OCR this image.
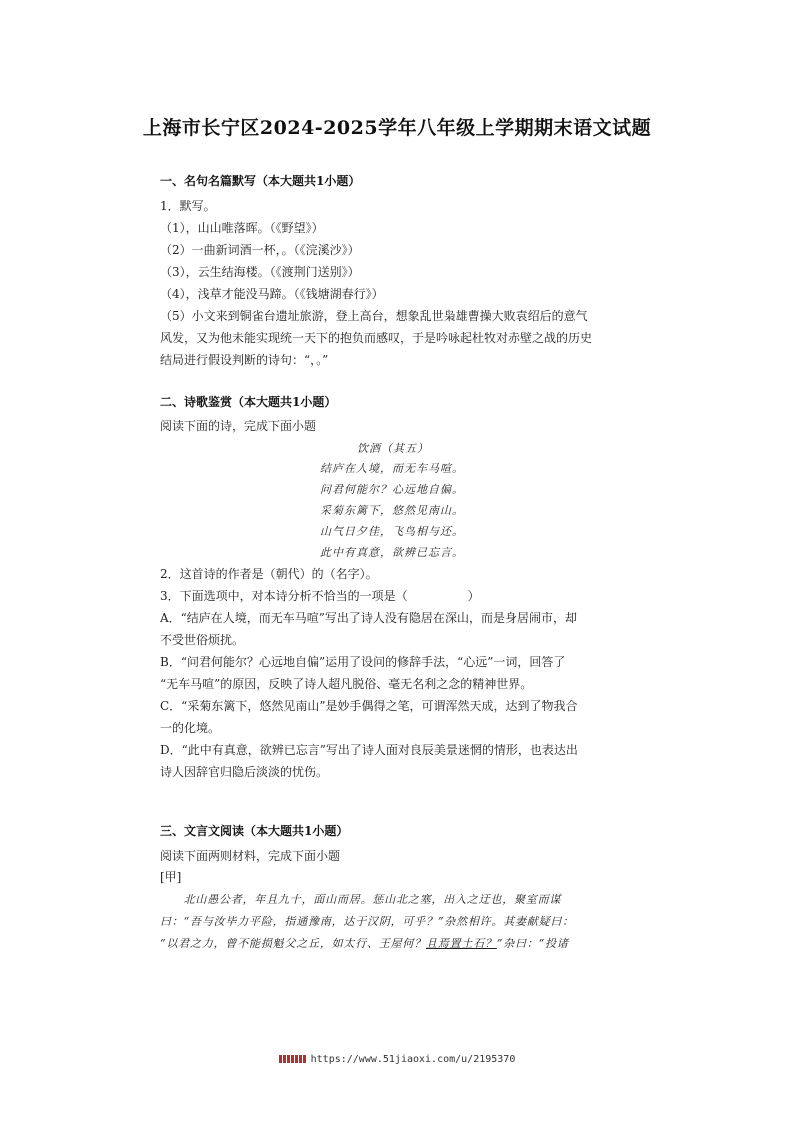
上海市长宁区2024-2025学年八年级上学期期末语文试题
一、名句名篇默写（本大题共1小题）
1．默写。
（1），山山唯落晖。（《野望》）
（2）一曲新词酒一杯，。（《浣溪沙》）
（3），云生结海楼。（《渡荆门送别》）
（4），浅草才能没马蹄。（《钱塘湖春行》）
（5）小文来到铜雀台遗址旅游，登上高台，想象乱世枭雄曹操大败袁绍后的意气
风发，又为他未能实现统一天下的抱负而感叹，于是吟咏起杜牧对赤壁之战的历史
结局进行假设判断的诗句：“，。”
二、诗歌鉴赏（本大题共1小题）
阅读下面的诗，完成下面小题
饮酒（其五）
结庐在人境，而无车马喧。
问君何能尔？心远地自偏。
采菊东篱下，悠然见南山。
山气日夕佳，飞鸟相与还。
此中有真意，欲辨已忘言。
2．这首诗的作者是（朝代）的（名字）。
3．下面选项中，对本诗分析不恰当的一项是（　　　　　）
A．“结庐在人境，而无车马喧”写出了诗人没有隐居在深山，而是身居闹市，却
不受世俗烦扰。
B．“问君何能尔？心远地自偏”运用了设问的修辞手法，“心远”一词，回答了
“无车马喧”的原因，反映了诗人超凡脱俗、毫无名利之念的精神世界。
C．“采菊东篱下，悠然见南山”是妙手偶得之笔，可谓浑然天成，达到了物我合
一的化境。
D．“此中有真意，欲辨已忘言”写出了诗人面对良辰美景迷惘的情形，也表达出
诗人因辞官归隐后淡淡的忧伤。
三、文言文阅读（本大题共1小题）
阅读下面两则材料，完成下面小题
[甲]
　　北山愚公者，年且九十，面山而居。惩山北之塞，出入之迂也，聚室而谋
曰：“吾与汝毕力平险，指通豫南，达于汉阴，可乎？”杂然相许。其妻献疑曰：
“以君之力，曾不能损魁父之丘，如太行、王屋何？且焉置土石？”杂曰：“投诸
https://www.51jiaoxi.com/u/2195370
